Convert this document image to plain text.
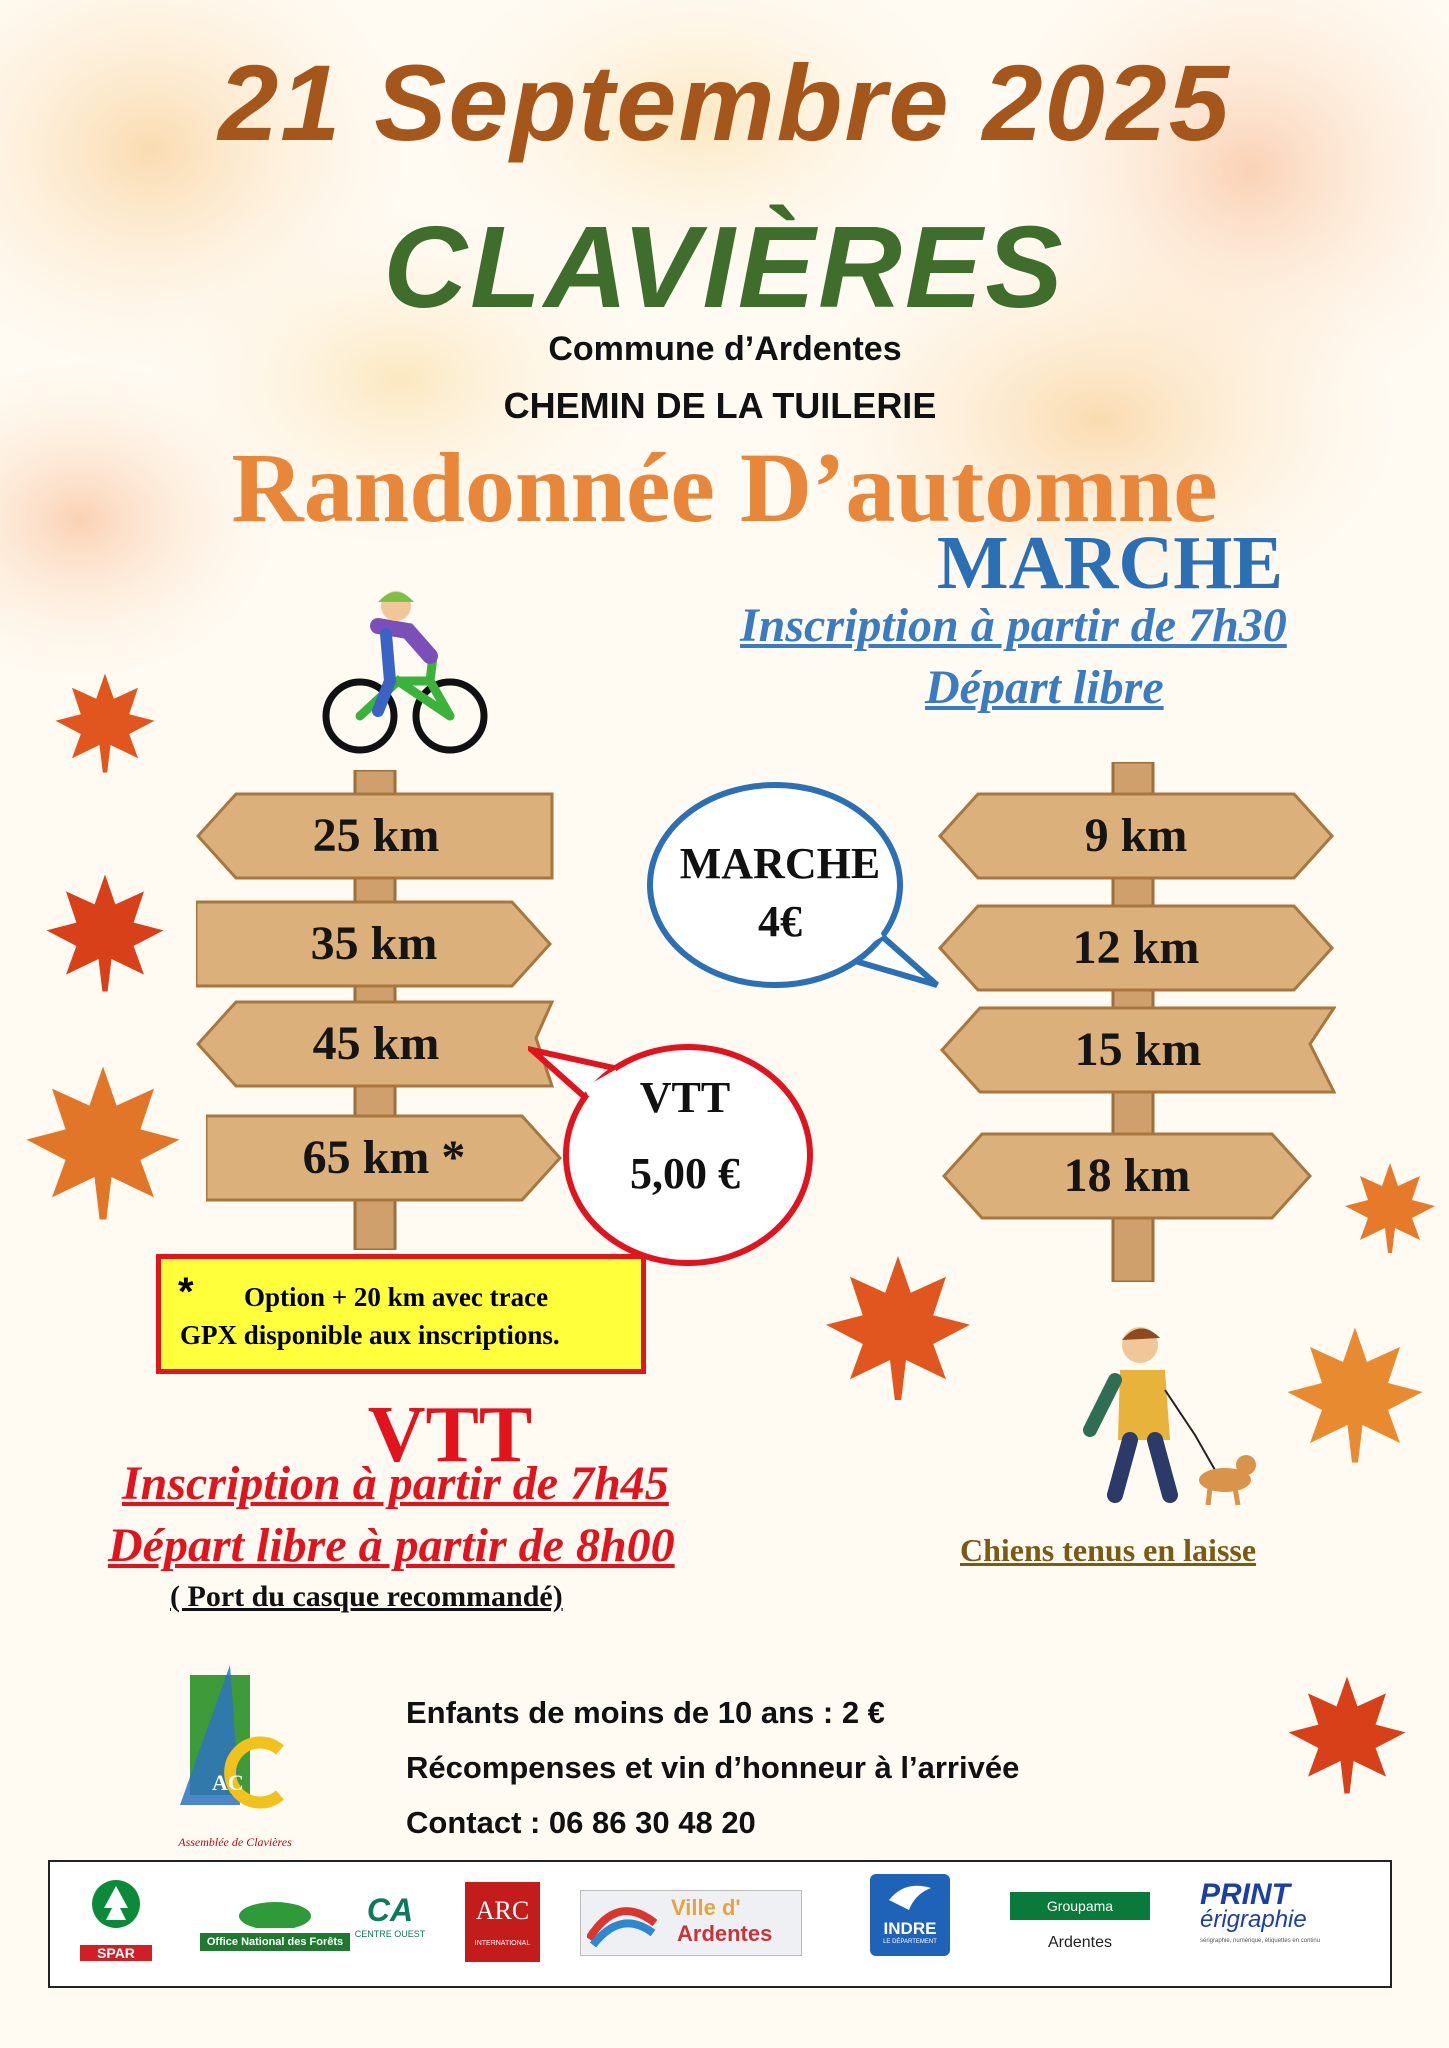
21 Septembre 2025
CLAVIÈRES
Commune d’Ardentes
CHEMIN DE LA TUILERIE
Randonnée D’automne
MARCHE
Inscription à partir de 7h30
Départ libre
25 km
35 km
45 km
65 km *
9 km
12 km
15 km
18 km
MARCHE
4€
VTT
5,00 €
* Option + 20 km avec trace
GPX disponible aux inscriptions.
VTT
Inscription à partir de 7h45
Départ libre à partir de 8h00
( Port du casque recommandé)
Chiens tenus en laisse
Assemblée de Clavières
AC
Enfants de moins de 10 ans : 2 €
Récompenses et vin d’honneur à l’arrivée
Contact : 06 86 30 48 20
SPAR
Office National des Forêts
CA
CENTRE OUEST
ARC
INTERNATIONAL
Ville d'
Ardentes	INDRE
LE DÉPARTEMENT
Groupama
Ardentes
PRINT
érigraphie
sérigraphie, numérique, étiquettes en continu
